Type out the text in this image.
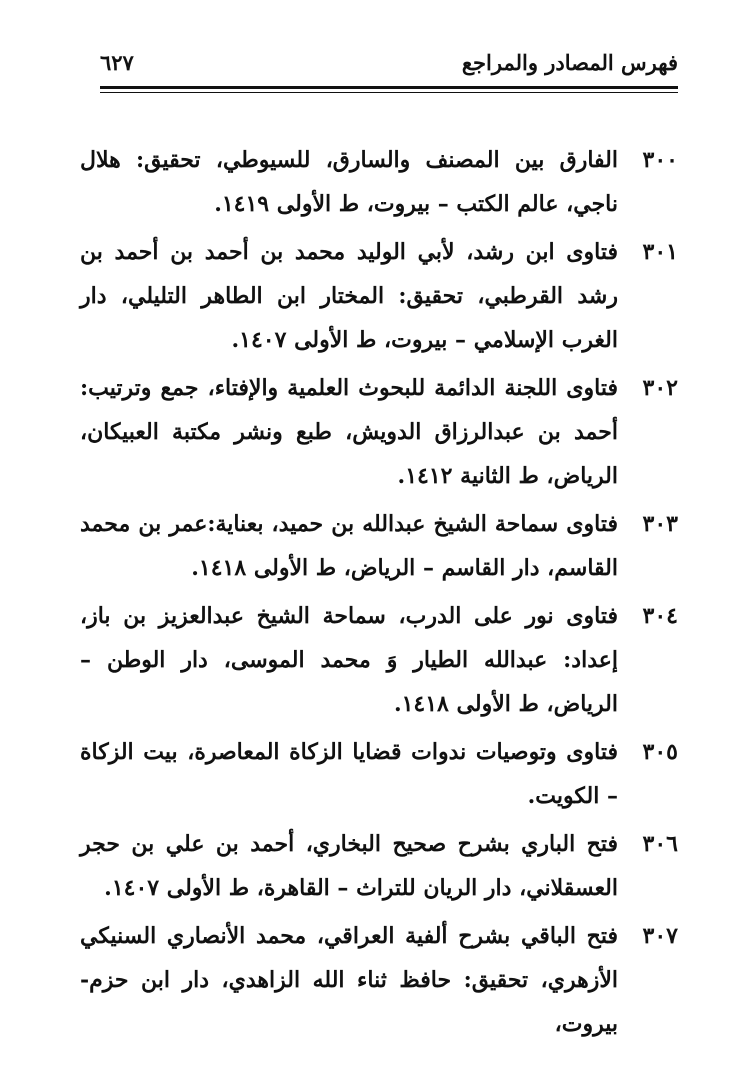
فهرس المصادر والمراجع
٦٢٧
٣٠٠
الفارق بين المصنف والسارق، للسيوطي، تحقيق: هلال ناجي، عالم الكتب – بيروت، ط الأولى ١٤١٩.
٣٠١
فتاوى ابن رشد، لأبي الوليد محمد بن أحمد بن أحمد بن رشد القرطبي، تحقيق: المختار ابن الطاهر التليلي، دار الغرب الإسلامي – بيروت، ط الأولى ١٤٠٧.
٣٠٢
فتاوى اللجنة الدائمة للبحوث العلمية والإفتاء، جمع وترتيب: أحمد بن عبدالرزاق الدويش، طبع ونشر مكتبة العبيكان، الرياض، ط الثانية ١٤١٢.
٣٠٣
فتاوى سماحة الشيخ عبدالله بن حميد، بعناية:عمر بن محمد القاسم، دار القاسم – الرياض، ط الأولى ١٤١٨.
٣٠٤
فتاوى نور على الدرب، سماحة الشيخ عبدالعزيز بن باز، إعداد: عبدالله الطيار وَ محمد الموسى، دار الوطن – الرياض، ط الأولى ١٤١٨.
٣٠٥
فتاوى وتوصيات ندوات قضايا الزكاة المعاصرة، بيت الزكاة – الكويت.
٣٠٦
فتح الباري بشرح صحيح البخاري، أحمد بن علي بن حجر العسقلاني، دار الريان للتراث – القاهرة، ط الأولى ١٤٠٧.
٣٠٧
فتح الباقي بشرح ألفية العراقي، محمد الأنصاري السنيكي الأزهري، تحقيق: حافظ ثناء الله الزاهدي، دار ابن حزم- بيروت،
